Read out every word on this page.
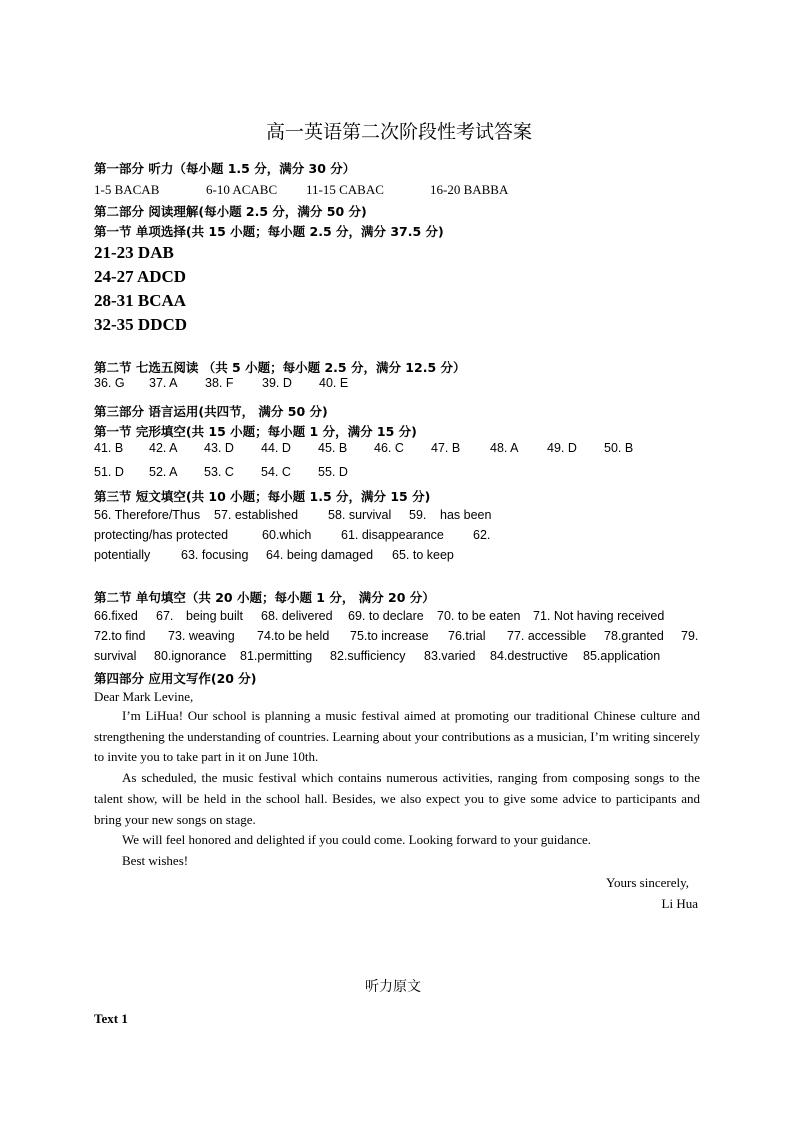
高一英语第二次阶段性考试答案
第一部分 听力（每小题 1.5 分，满分 30 分）
1-5 BACAB	6-10 ACABC 11-15 CABAC	16-20 BABBA
第二部分 阅读理解(每小题 2.5 分，满分 50 分)
第一节 单项选择(共 15 小题；每小题 2.5 分，满分 37.5 分)
21-23 DAB
24-27 ADCD
28-31 BCAA
32-35 DDCD
第二节 七选五阅读 （共 5 小题；每小题 2.5 分，满分 12.5 分）
36. G 37. A 38. F 39. D 40. E
第三部分 语言运用(共四节， 满分 50 分)
第一节 完形填空(共 15 小题；每小题 1 分，满分 15 分)
41. B 42. A 43. D 44. D 45. B 46. C 47. B 48. A 49. D 50. B
51. D 52. A 53. C 54. C 55. D
第三节 短文填空(共 10 小题；每小题 1.5 分，满分 15 分)
56. Therefore/Thus 57. established 58. survival 59. has been
protecting/has protected	60.which 61. disappearance 62.
potentially 63. focusing 64. being damaged 65. to keep
第二节 单句填空（共 20 小题；每小题 1 分， 满分 20 分）
66.fixed 67. being built 68. delivered 69. to declare 70. to be eaten 71. Not having received
72.to find 73. weaving 74.to be held 75.to increase 76.trial 77. accessible 78.granted 79.
survival 80.ignorance 81.permitting 82.sufficiency 83.varied 84.destructive 85.application
第四部分 应用文写作(20 分)
Dear Mark Levine,

I’m LiHua! Our school is planning a music festival aimed at promoting our traditional Chinese culture and strengthening the understanding of countries. Learning about your contributions as a musician, I’m writing sincerely to invite you to take part in it on June 10th.

As scheduled, the music festival which contains numerous activities, ranging from composing songs to the talent show, will be held in the school hall. Besides, we also expect you to give some advice to participants and bring your new songs on stage.

We will feel honored and delighted if you could come. Looking forward to your guidance.

Best wishes!

Yours sincerely,
Li Hua
听力原文
Text 1
